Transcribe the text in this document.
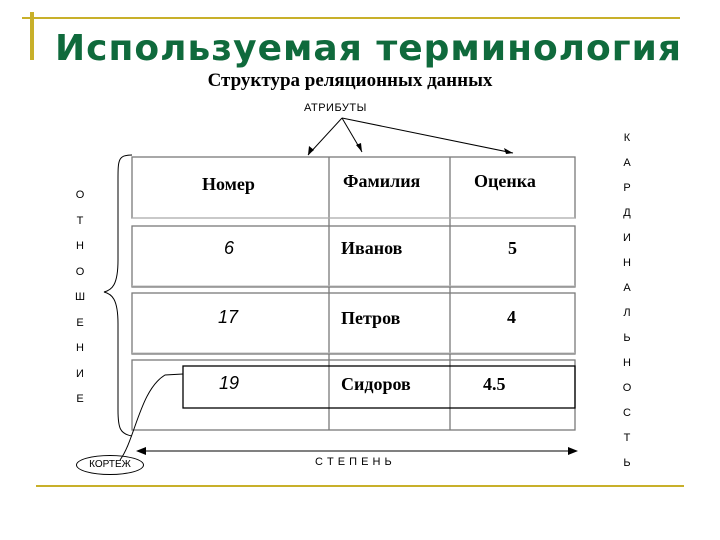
Используемая терминология
Структура реляционных данных
АТРИБУТЫ
О
Т
Н
О
Ш
Е
Н
И
Е
К
А
Р
Д
И
Н
А
Л
Ь
Н
О
С
Т
Ь
Номер	Фамилия	Оценка
6	Иванов	5
17	Петров	4
19	Сидоров	4.5
С Т Е П Е Н Ь
КОРТЕЖ
